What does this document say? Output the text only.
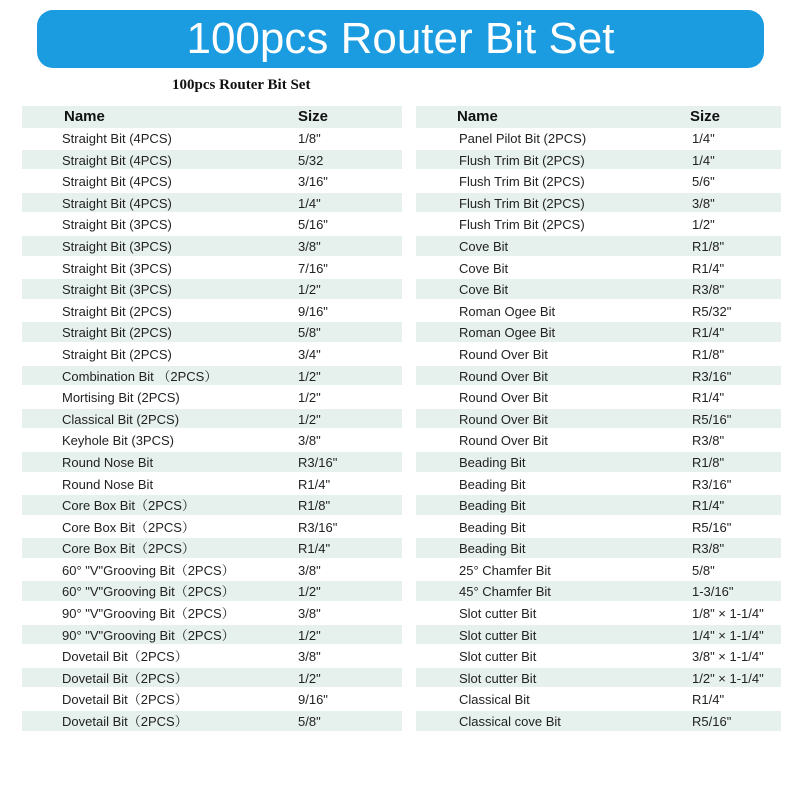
100pcs Router Bit Set
100pcs Router Bit Set
Name	Size
Straight Bit (4PCS)	1/8"
Straight Bit (4PCS)	5/32
Straight Bit (4PCS)	3/16"
Straight Bit (4PCS)	1/4"
Straight Bit (3PCS)	5/16"
Straight Bit (3PCS)	3/8"
Straight Bit (3PCS)	7/16"
Straight Bit (3PCS)	1/2"
Straight Bit (2PCS)	9/16"
Straight Bit (2PCS)	5/8"
Straight Bit (2PCS)	3/4"
Combination Bit （2PCS）	1/2"
Mortising Bit (2PCS)	1/2"
Classical Bit (2PCS)	1/2"
Keyhole Bit (3PCS)	3/8"
Round Nose Bit	R3/16"
Round Nose Bit	R1/4"
Core Box Bit（2PCS）	R1/8"
Core Box Bit（2PCS）	R3/16"
Core Box Bit（2PCS）	R1/4"
60° "V"Grooving Bit（2PCS）	3/8"
60° "V"Grooving Bit（2PCS）	1/2"
90° "V"Grooving Bit（2PCS）	3/8"
90° "V"Grooving Bit（2PCS）	1/2"
Dovetail Bit（2PCS）	3/8"
Dovetail Bit（2PCS）	1/2"
Dovetail Bit（2PCS）	9/16"
Dovetail Bit（2PCS）	5/8"
Name	Size
Panel Pilot Bit (2PCS)	1/4"
Flush Trim Bit (2PCS)	1/4"
Flush Trim Bit (2PCS)	5/6"
Flush Trim Bit (2PCS)	3/8"
Flush Trim Bit (2PCS)	1/2"
Cove Bit	R1/8"
Cove Bit	R1/4"
Cove Bit	R3/8"
Roman Ogee Bit	R5/32"
Roman Ogee Bit	R1/4"
Round Over Bit	R1/8"
Round Over Bit	R3/16"
Round Over Bit	R1/4"
Round Over Bit	R5/16"
Round Over Bit	R3/8"
Beading Bit	R1/8"
Beading Bit	R3/16"
Beading Bit	R1/4"
Beading Bit	R5/16"
Beading Bit	R3/8"
25° Chamfer Bit	5/8"
45° Chamfer Bit	1-3/16"
Slot cutter Bit	1/8" × 1-1/4"
Slot cutter Bit	1/4" × 1-1/4"
Slot cutter Bit	3/8" × 1-1/4"
Slot cutter Bit	1/2" × 1-1/4"
Classical Bit	R1/4"
Classical cove Bit	R5/16"
